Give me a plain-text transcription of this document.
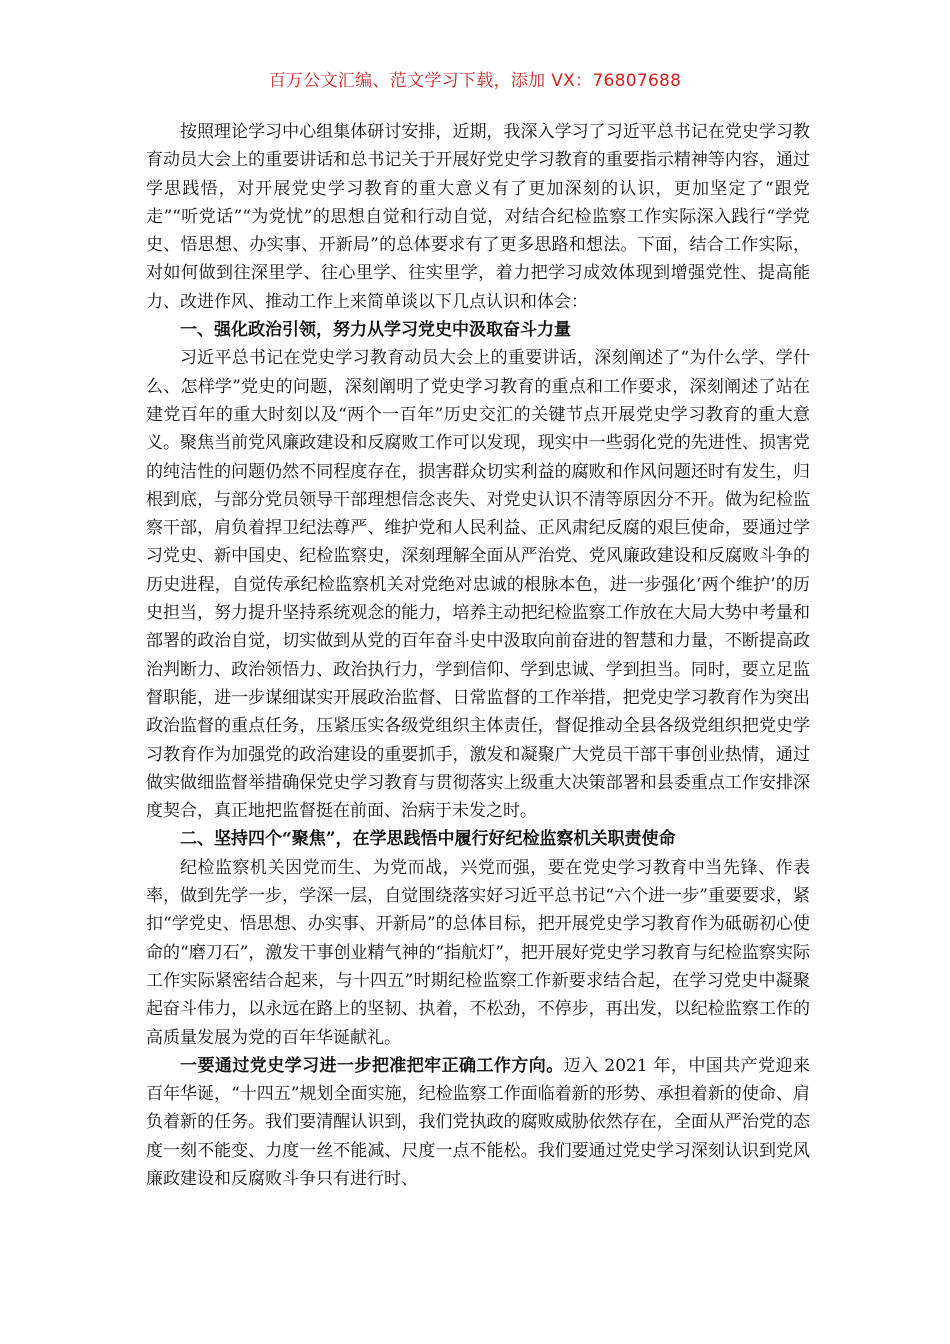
百万公文汇编、范文学习下载，添加 VX：76807688

按照理论学习中心组集体研讨安排，近期，我深入学习了习近平总书记在党史学习教育动员大会上的重要讲话和总书记关于开展好党史学习教育的重要指示精神等内容，通过学思践悟，对开展党史学习教育的重大意义有了更加深刻的认识，更加坚定了“跟党走”“听党话”“为党忧”的思想自觉和行动自觉，对结合纪检监察工作实际深入践行“学党史、悟思想、办实事、开新局”的总体要求有了更多思路和想法。下面，结合工作实际，对如何做到往深里学、往心里学、往实里学，着力把学习成效体现到增强党性、提高能力、改进作风、推动工作上来简单谈以下几点认识和体会：

一、强化政治引领，努力从学习党史中汲取奋斗力量

习近平总书记在党史学习教育动员大会上的重要讲话，深刻阐述了“为什么学、学什么、怎样学”党史的问题，深刻阐明了党史学习教育的重点和工作要求，深刻阐述了站在建党百年的重大时刻以及“两个一百年”历史交汇的关键节点开展党史学习教育的重大意义。聚焦当前党风廉政建设和反腐败工作可以发现，现实中一些弱化党的先进性、损害党的纯洁性的问题仍然不同程度存在，损害群众切实利益的腐败和作风问题还时有发生，归根到底，与部分党员领导干部理想信念丧失、对党史认识不清等原因分不开。做为纪检监察干部，肩负着捍卫纪法尊严、维护党和人民利益、正风肃纪反腐的艰巨使命，要通过学习党史、新中国史、纪检监察史，深刻理解全面从严治党、党风廉政建设和反腐败斗争的历史进程，自觉传承纪检监察机关对党绝对忠诚的根脉本色，进一步强化‘两个维护’的历史担当，努力提升坚持系统观念的能力，培养主动把纪检监察工作放在大局大势中考量和部署的政治自觉，切实做到从党的百年奋斗史中汲取向前奋进的智慧和力量，不断提高政治判断力、政治领悟力、政治执行力，学到信仰、学到忠诚、学到担当。同时，要立足监督职能，进一步谋细谋实开展政治监督、日常监督的工作举措，把党史学习教育作为突出政治监督的重点任务，压紧压实各级党组织主体责任，督促推动全县各级党组织把党史学习教育作为加强党的政治建设的重要抓手，激发和凝聚广大党员干部干事创业热情，通过做实做细监督举措确保党史学习教育与贯彻落实上级重大决策部署和县委重点工作安排深度契合，真正地把监督挺在前面、治病于未发之时。

二、坚持四个“聚焦”，在学思践悟中履行好纪检监察机关职责使命

纪检监察机关因党而生、为党而战，兴党而强，要在党史学习教育中当先锋、作表率，做到先学一步，学深一层，自觉围绕落实好习近平总书记“六个进一步”重要要求，紧扣“学党史、悟思想、办实事、开新局”的总体目标，把开展党史学习教育作为砥砺初心使命的“磨刀石”，激发干事创业精气神的“指航灯”，把开展好党史学习教育与纪检监察实际工作实际紧密结合起来，与十四五”时期纪检监察工作新要求结合起，在学习党史中凝聚起奋斗伟力，以永远在路上的坚韧、执着，不松劲，不停步，再出发，以纪检监察工作的高质量发展为党的百年华诞献礼。

一要通过党史学习进一步把准把牢正确工作方向。迈入 2021 年，中国共产党迎来百年华诞，“十四五”规划全面实施，纪检监察工作面临着新的形势、承担着新的使命、肩负着新的任务。我们要清醒认识到，我们党执政的腐败威胁依然存在，全面从严治党的态度一刻不能变、力度一丝不能减、尺度一点不能松。我们要通过党史学习深刻认识到党风廉政建设和反腐败斗争只有进行时、
